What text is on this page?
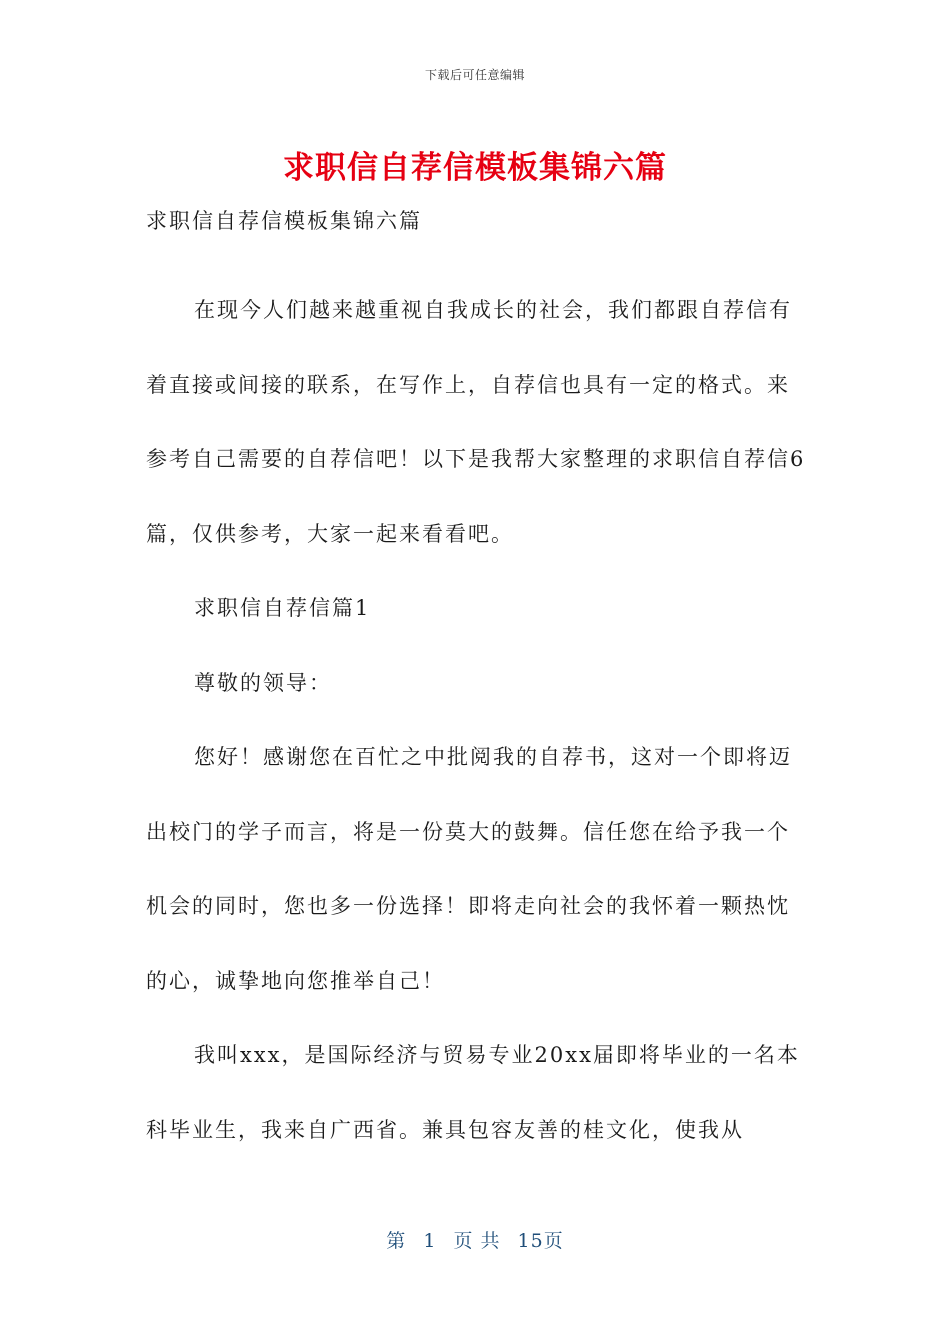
下载后可任意编辑
求职信自荐信模板集锦六篇

求职信自荐信模板集锦六篇

在现今人们越来越重视自我成长的社会，我们都跟自荐信有着直接或间接的联系，在写作上，自荐信也具有一定的格式。来参考自己需要的自荐信吧！以下是我帮大家整理的求职信自荐信6篇，仅供参考，大家一起来看看吧。

求职信自荐信篇1

尊敬的领导：

您好！感谢您在百忙之中批阅我的自荐书，这对一个即将迈出校门的学子而言，将是一份莫大的鼓舞。信任您在给予我一个机会的同时，您也多一份选择！即将走向社会的我怀着一颗热忱的心，诚挚地向您推举自己！

我叫xxx，是国际经济与贸易专业20xx届即将毕业的一名本科毕业生，我来自广西省。兼具包容友善的桂文化，使我从

第 1 页 共 15页
